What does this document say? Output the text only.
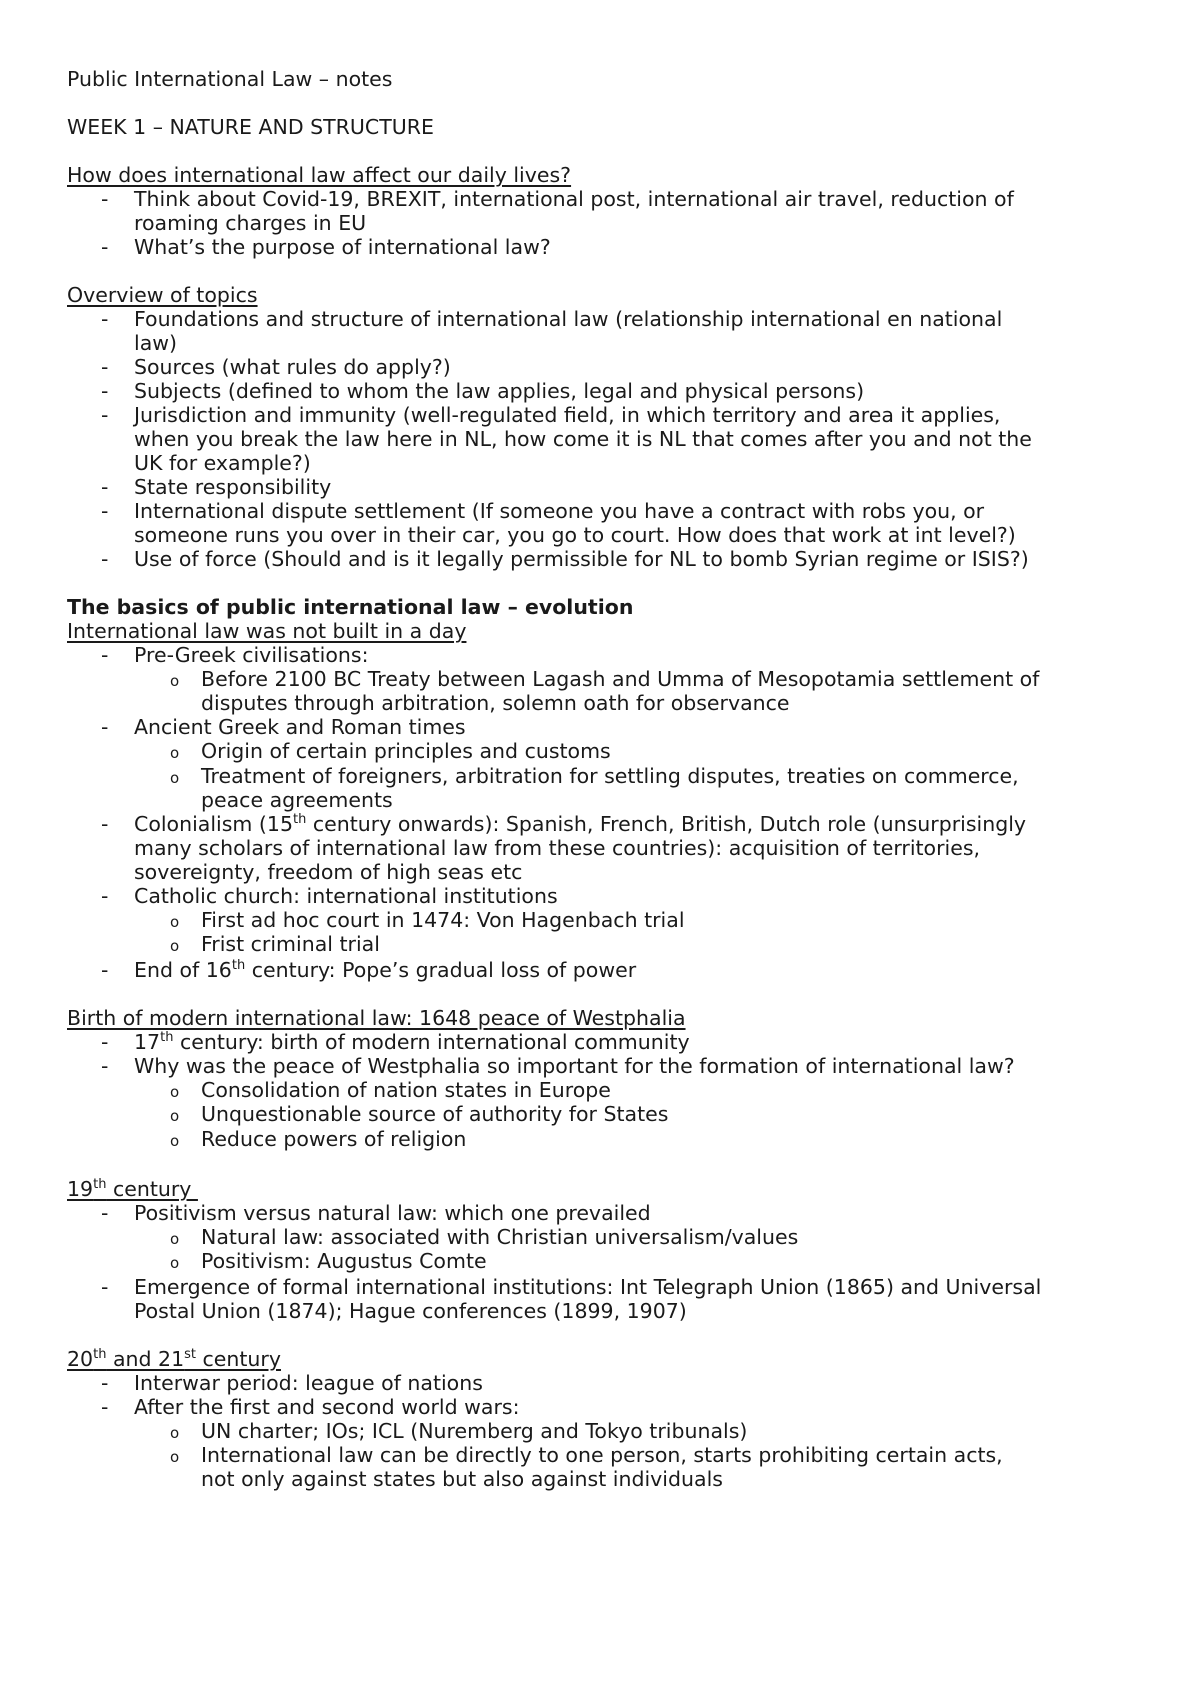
Public International Law – notes
WEEK 1 – NATURE AND STRUCTURE
How does international law affect our daily lives?
- Think about Covid-19, BREXIT, international post, international air travel, reduction of
roaming charges in EU
- What’s the purpose of international law?
Overview of topics
- Foundations and structure of international law (relationship international en national
law)
- Sources (what rules do apply?)
- Subjects (defined to whom the law applies, legal and physical persons)
- Jurisdiction and immunity (well-regulated field, in which territory and area it applies,
when you break the law here in NL, how come it is NL that comes after you and not the
UK for example?)
- State responsibility
- International dispute settlement (If someone you have a contract with robs you, or
someone runs you over in their car, you go to court. How does that work at int level?)
- Use of force (Should and is it legally permissible for NL to bomb Syrian regime or ISIS?)
The basics of public international law – evolution
International law was not built in a day
- Pre-Greek civilisations:
o Before 2100 BC Treaty between Lagash and Umma of Mesopotamia settlement of
disputes through arbitration, solemn oath for observance
- Ancient Greek and Roman times
o Origin of certain principles and customs
o Treatment of foreigners, arbitration for settling disputes, treaties on commerce,
peace agreements
- Colonialism (15th century onwards): Spanish, French, British, Dutch role (unsurprisingly
many scholars of international law from these countries): acquisition of territories,
sovereignty, freedom of high seas etc
- Catholic church: international institutions
o First ad hoc court in 1474: Von Hagenbach trial
o Frist criminal trial
- End of 16th century: Pope’s gradual loss of power
Birth of modern international law: 1648 peace of Westphalia
- 17th century: birth of modern international community
- Why was the peace of Westphalia so important for the formation of international law?
o Consolidation of nation states in Europe
o Unquestionable source of authority for States
o Reduce powers of religion
19th century
- Positivism versus natural law: which one prevailed
o Natural law: associated with Christian universalism/values
o Positivism: Augustus Comte
- Emergence of formal international institutions: Int Telegraph Union (1865) and Universal
Postal Union (1874); Hague conferences (1899, 1907)
20th and 21st century
- Interwar period: league of nations
- After the first and second world wars:
o UN charter; IOs; ICL (Nuremberg and Tokyo tribunals)
o International law can be directly to one person, starts prohibiting certain acts,
not only against states but also against individuals
